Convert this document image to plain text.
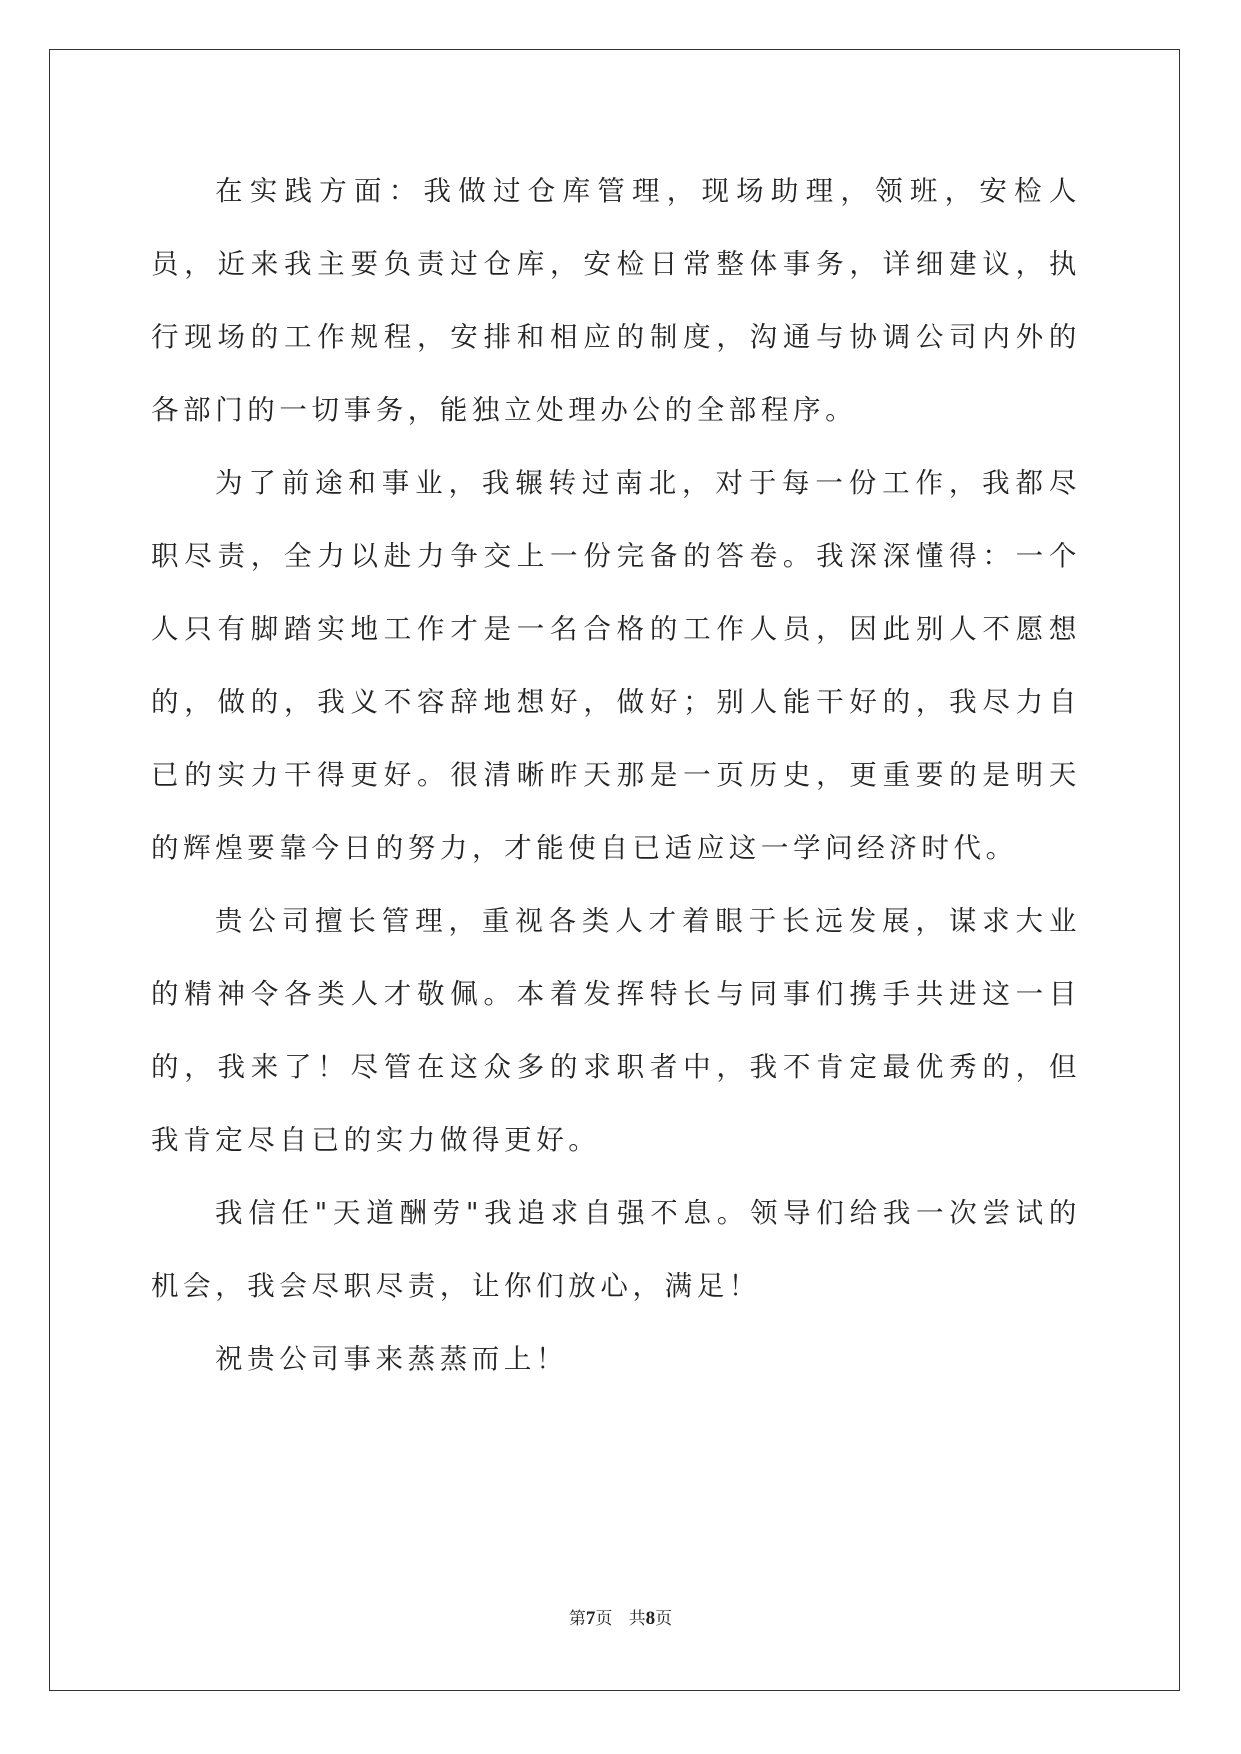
在实践方面：我做过仓库管理，现场助理，领班，安检人员，近来我主要负责过仓库，安检日常整体事务，详细建议，执行现场的工作规程，安排和相应的制度，沟通与协调公司内外的各部门的一切事务，能独立处理办公的全部程序。

为了前途和事业，我辗转过南北，对于每一份工作，我都尽职尽责，全力以赴力争交上一份完备的答卷。我深深懂得：一个人只有脚踏实地工作才是一名合格的工作人员，因此别人不愿想的，做的，我义不容辞地想好，做好；别人能干好的，我尽力自已的实力干得更好。很清晰昨天那是一页历史，更重要的是明天的辉煌要靠今日的努力，才能使自已适应这一学问经济时代。

贵公司擅长管理，重视各类人才着眼于长远发展，谋求大业的精神令各类人才敬佩。本着发挥特长与同事们携手共进这一目的，我来了！尽管在这众多的求职者中，我不肯定最优秀的，但我肯定尽自已的实力做得更好。

我信任"天道酬劳"我追求自强不息。领导们给我一次尝试的机会，我会尽职尽责，让你们放心，满足！

祝贵公司事来蒸蒸而上！

第7页 共8页
